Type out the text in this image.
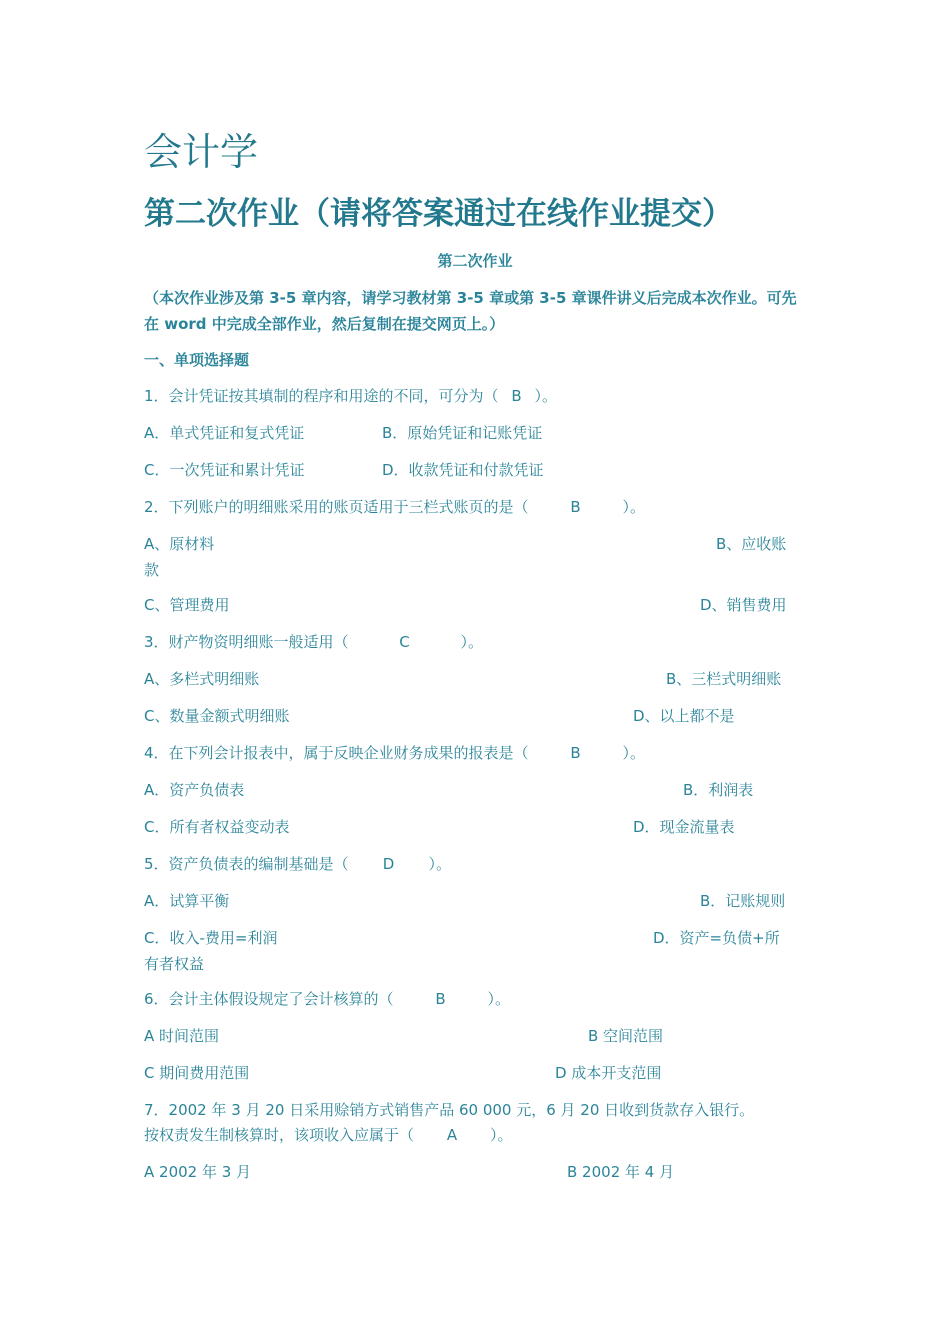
会计学
第二次作业（请将答案通过在线作业提交）
第二次作业
（本次作业涉及第 3-5 章内容，请学习教材第 3-5 章或第 3-5 章课件讲义后完成本次作业。可先在 word 中完成全部作业，然后复制在提交网页上。）
一、单项选择题
1．会计凭证按其填制的程序和用途的不同，可分为（ B ）。
A．单式凭证和复式凭证	B．原始凭证和记账凭证
C．一次凭证和累计凭证	D．收款凭证和付款凭证
2．下列账户的明细账采用的账页适用于三栏式账页的是（	B	）。
A、原材料	B、应收账
款
C、管理费用	D、销售费用
3．财产物资明细账一般适用（	C	）。
A、多栏式明细账	B、三栏式明细账
C、数量金额式明细账	D、以上都不是
4．在下列会计报表中，属于反映企业财务成果的报表是（	B	）。
A．资产负债表	B．利润表
C．所有者权益变动表	D．现金流量表
5．资产负债表的编制基础是（ D ）。
A．试算平衡	B．记账规则
C．收入-费用=利润	D．资产=负债+所
有者权益
6．会计主体假设规定了会计核算的（	B	）。
A 时间范围	B 空间范围
C 期间费用范围	D 成本开支范围
7．2002 年 3 月 20 日采用赊销方式销售产品 60 000 元，6 月 20 日收到货款存入银行。
按权责发生制核算时，该项收入应属于（ A ）。
A 2002 年 3 月	B 2002 年 4 月
